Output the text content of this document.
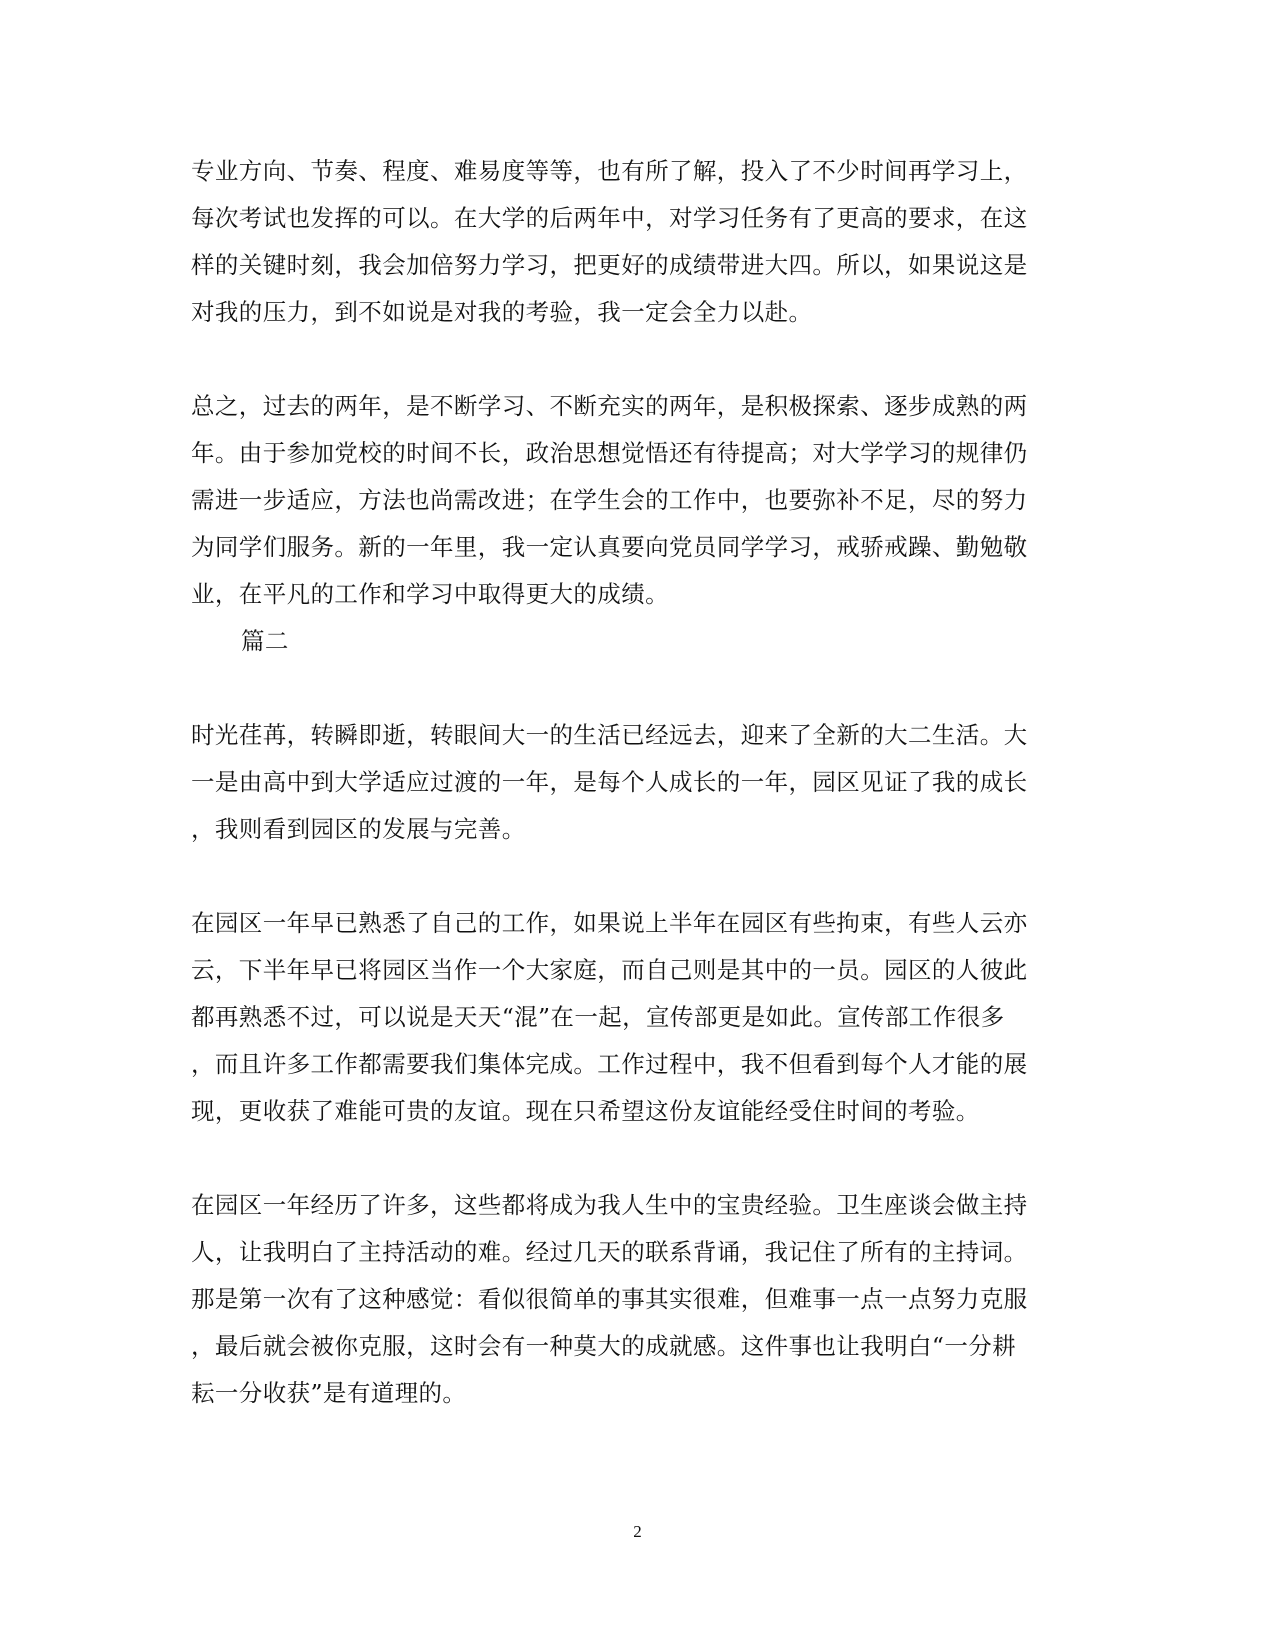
专业方向、节奏、程度、难易度等等，也有所了解，投入了不少时间再学习上，
每次考试也发挥的可以。在大学的后两年中，对学习任务有了更高的要求，在这
样的关键时刻，我会加倍努力学习，把更好的成绩带进大四。所以，如果说这是
对我的压力，到不如说是对我的考验，我一定会全力以赴。
总之，过去的两年，是不断学习、不断充实的两年，是积极探索、逐步成熟的两
年。由于参加党校的时间不长，政治思想觉悟还有待提高；对大学学习的规律仍
需进一步适应，方法也尚需改进；在学生会的工作中，也要弥补不足，尽的努力
为同学们服务。新的一年里，我一定认真要向党员同学学习，戒骄戒躁、勤勉敬
业，在平凡的工作和学习中取得更大的成绩。
篇二
时光荏苒，转瞬即逝，转眼间大一的生活已经远去，迎来了全新的大二生活。大
一是由高中到大学适应过渡的一年，是每个人成长的一年，园区见证了我的成长
，我则看到园区的发展与完善。
在园区一年早已熟悉了自己的工作，如果说上半年在园区有些拘束，有些人云亦
云，下半年早已将园区当作一个大家庭，而自己则是其中的一员。园区的人彼此
都再熟悉不过，可以说是天天“混”在一起，宣传部更是如此。宣传部工作很多
，而且许多工作都需要我们集体完成。工作过程中，我不但看到每个人才能的展
现，更收获了难能可贵的友谊。现在只希望这份友谊能经受住时间的考验。
在园区一年经历了许多，这些都将成为我人生中的宝贵经验。卫生座谈会做主持
人，让我明白了主持活动的难。经过几天的联系背诵，我记住了所有的主持词。
那是第一次有了这种感觉：看似很简单的事其实很难，但难事一点一点努力克服
，最后就会被你克服，这时会有一种莫大的成就感。这件事也让我明白“一分耕
耘一分收获”是有道理的。
2
